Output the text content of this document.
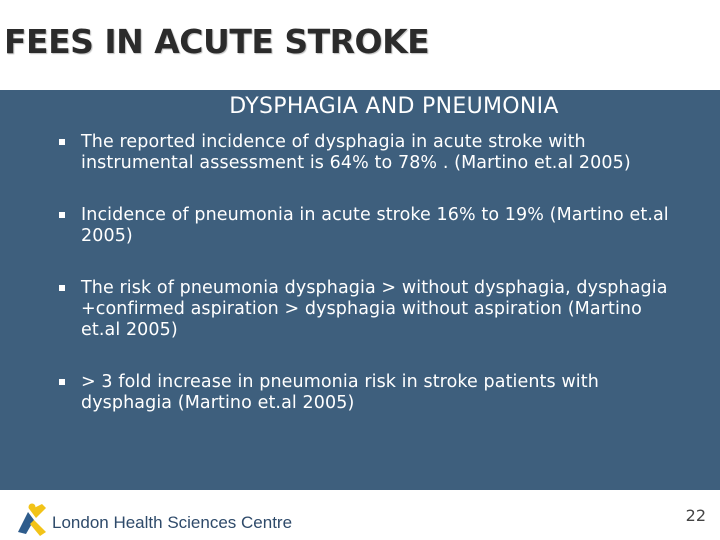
FEES IN ACUTE STROKE
DYSPHAGIA AND PNEUMONIA
The reported incidence of dysphagia in acute stroke with instrumental assessment is 64% to 78% . (Martino et.al 2005)
Incidence of pneumonia in acute stroke 16% to 19% (Martino et.al 2005)
The risk of pneumonia dysphagia > without dysphagia, dysphagia +confirmed aspiration > dysphagia without aspiration (Martino et.al 2005)
> 3 fold increase in pneumonia risk in stroke patients with dysphagia (Martino et.al 2005)
London Health Sciences Centre	22
